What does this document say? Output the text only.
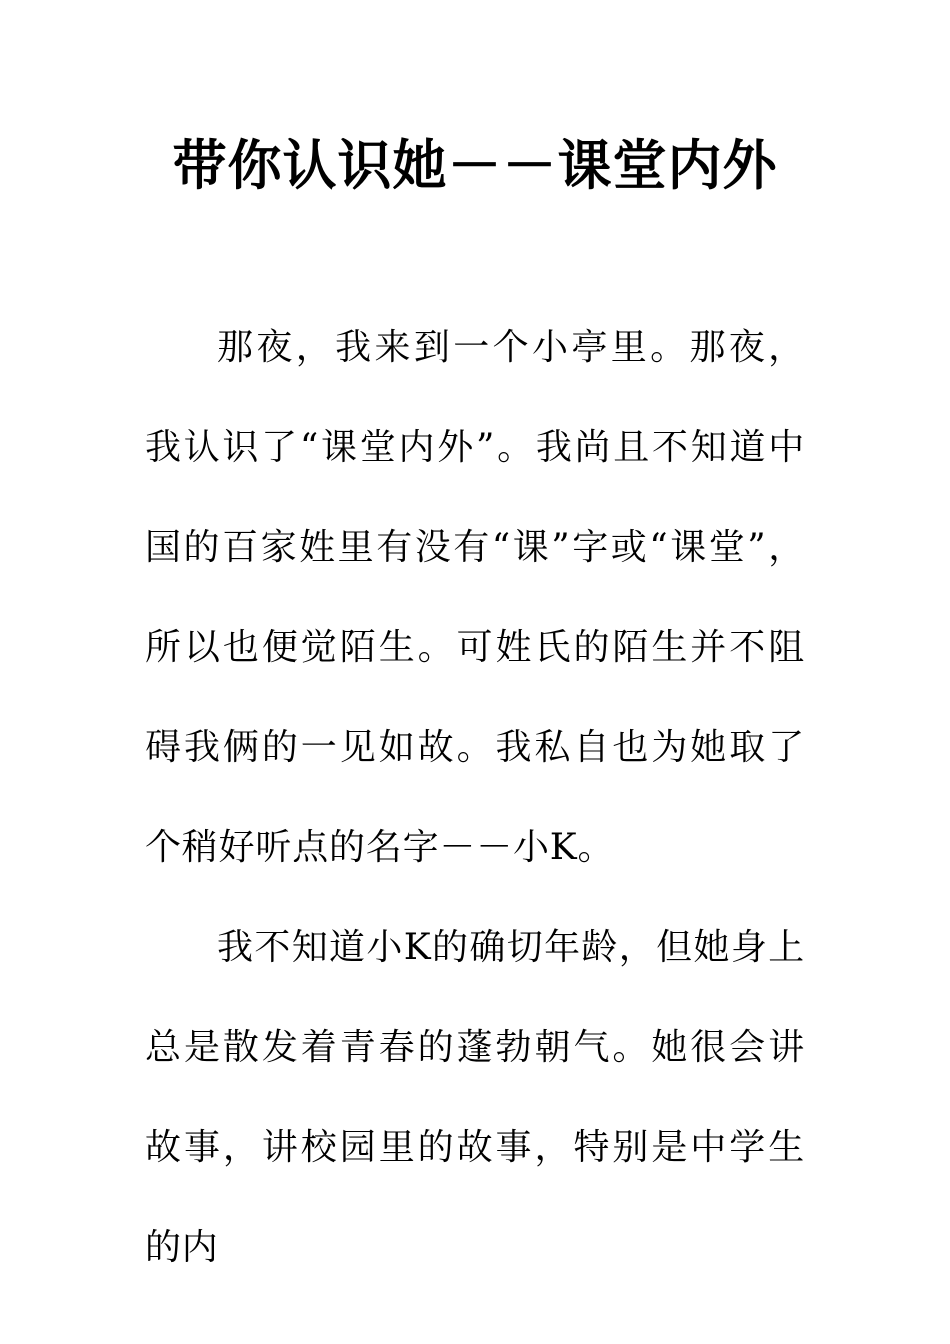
带你认识她－－课堂内外

那夜，我来到一个小亭里。那夜，我认识了“课堂内外”。我尚且不知道中国的百家姓里有没有“课”字或“课堂”，所以也便觉陌生。可姓氏的陌生并不阻碍我俩的一见如故。我私自也为她取了个稍好听点的名字－－小K。

我不知道小K的确切年龄，但她身上总是散发着青春的蓬勃朝气。她很会讲故事，讲校园里的故事，特别是中学生的内
